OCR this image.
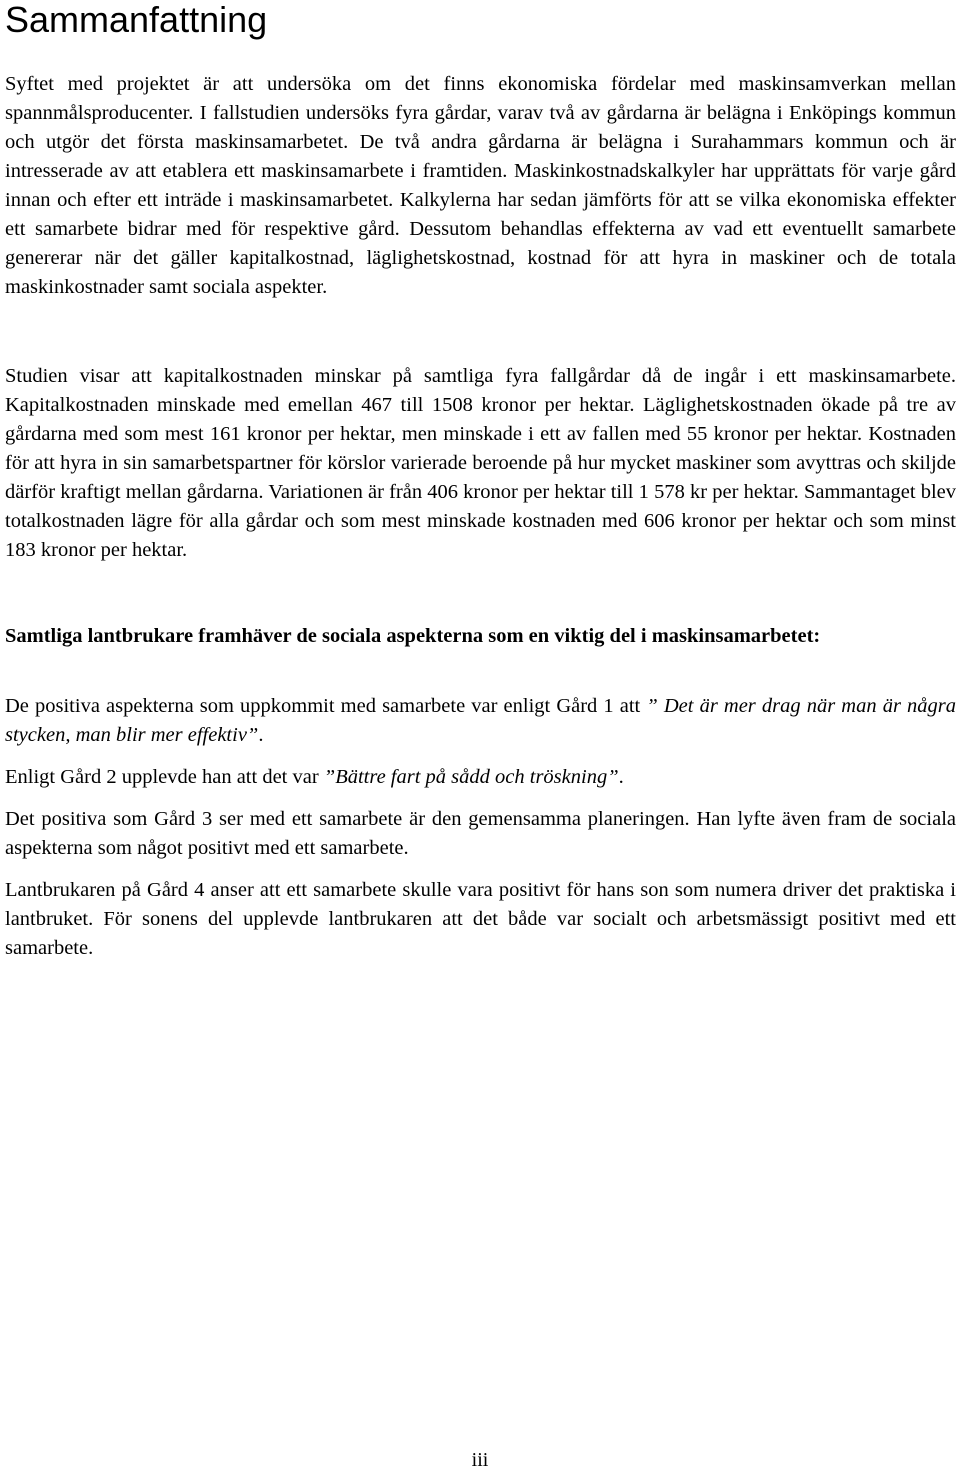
Sammanfattning

Syftet med projektet är att undersöka om det finns ekonomiska fördelar med maskinsamverkan mellan spannmålsproducenter. I fallstudien undersöks fyra gårdar, varav två av gårdarna är belägna i Enköpings kommun och utgör det första maskinsamarbetet. De två andra gårdarna är belägna i Surahammars kommun och är intresserade av att etablera ett maskinsamarbete i framtiden. Maskinkostnadskalkyler har upprättats för varje gård innan och efter ett inträde i maskinsamarbetet. Kalkylerna har sedan jämförts för att se vilka ekonomiska effekter ett samarbete bidrar med för respektive gård. Dessutom behandlas effekterna av vad ett eventuellt samarbete genererar när det gäller kapitalkostnad, läglighetskostnad, kostnad för att hyra in maskiner och de totala maskinkostnader samt sociala aspekter.

Studien visar att kapitalkostnaden minskar på samtliga fyra fallgårdar då de ingår i ett maskinsamarbete. Kapitalkostnaden minskade med emellan 467 till 1508 kronor per hektar. Läglighetskostnaden ökade på tre av gårdarna med som mest 161 kronor per hektar, men minskade i ett av fallen med 55 kronor per hektar. Kostnaden för att hyra in sin samarbetspartner för körslor varierade beroende på hur mycket maskiner som avyttras och skiljde därför kraftigt mellan gårdarna. Variationen är från 406 kronor per hektar till 1 578 kr per hektar. Sammantaget blev totalkostnaden lägre för alla gårdar och som mest minskade kostnaden med 606 kronor per hektar och som minst 183 kronor per hektar.

Samtliga lantbrukare framhäver de sociala aspekterna som en viktig del i maskinsamarbetet:

De positiva aspekterna som uppkommit med samarbete var enligt Gård 1 att ” Det är mer drag när man är några stycken, man blir mer effektiv”.

Enligt Gård 2 upplevde han att det var ”Bättre fart på sådd och tröskning”.

Det positiva som Gård 3 ser med ett samarbete är den gemensamma planeringen. Han lyfte även fram de sociala aspekterna som något positivt med ett samarbete.

Lantbrukaren på Gård 4 anser att ett samarbete skulle vara positivt för hans son som numera driver det praktiska i lantbruket. För sonens del upplevde lantbrukaren att det både var socialt och arbetsmässigt positivt med ett samarbete.

iii
